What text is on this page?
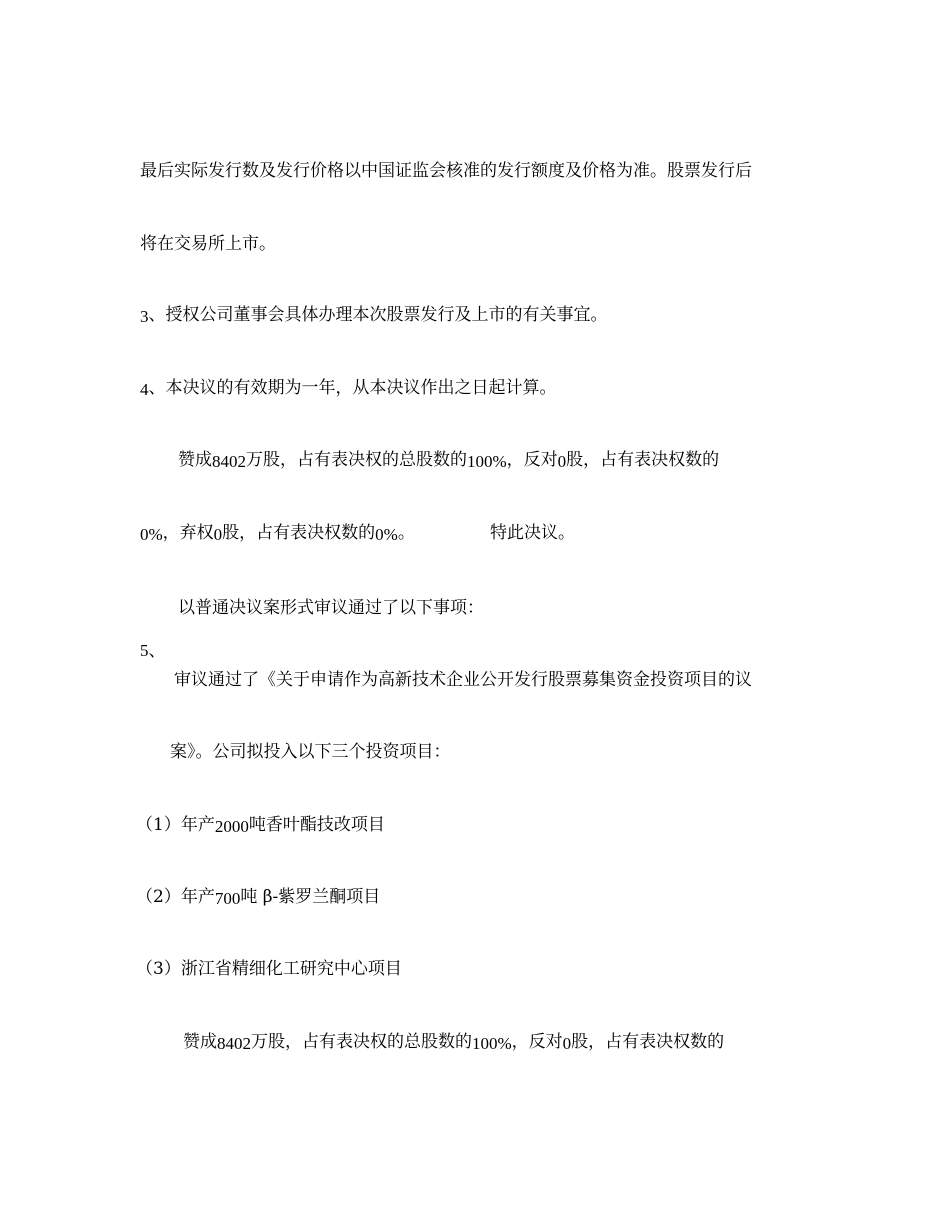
最后实际发行数及发行价格以中国证监会核准的发行额度及价格为准。股票发行后
将在交易所上市。
3、授权公司董事会具体办理本次股票发行及上市的有关事宜。
4、本决议的有效期为一年，从本决议作出之日起计算。
赞成8402万股，占有表决权的总股数的100%，反对0股，占有表决权数的
0%，弃权0股，占有表决权数的0%。	特此决议。
以普通决议案形式审议通过了以下事项：
5、
审议通过了《关于申请作为高新技术企业公开发行股票募集资金投资项目的议
案》。公司拟投入以下三个投资项目：
（1）年产2000吨香叶酯技改项目
（2）年产700吨 β-紫罗兰酮项目
（3）浙江省精细化工研究中心项目
赞成8402万股，占有表决权的总股数的100%，反对0股，占有表决权数的
